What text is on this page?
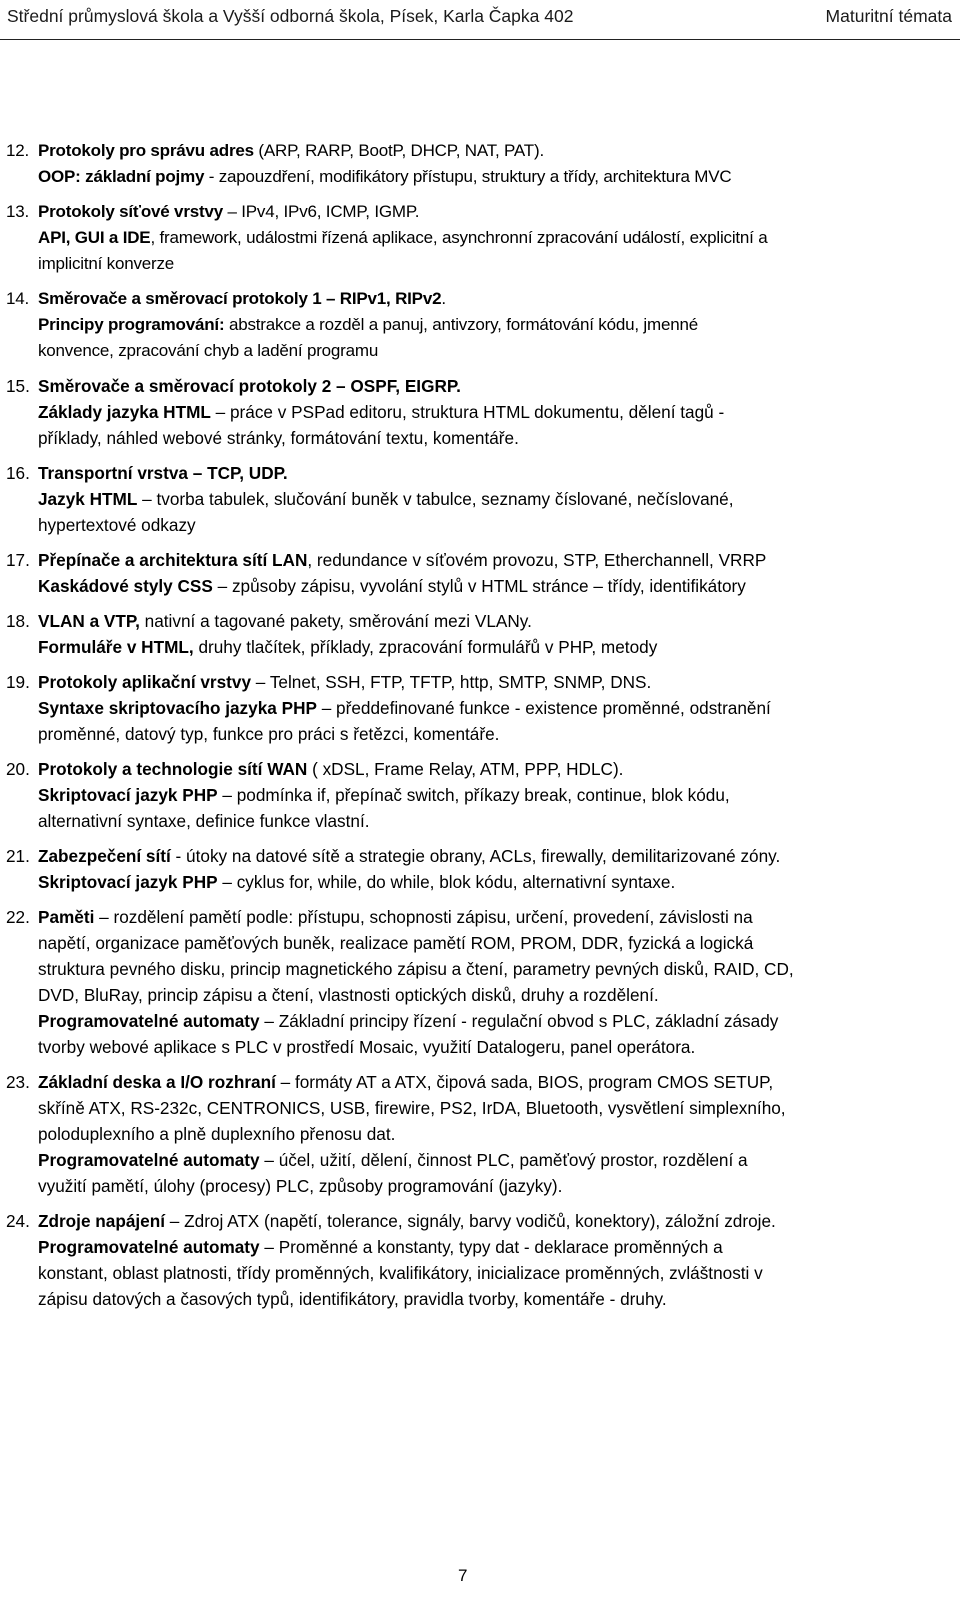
Střední průmyslová škola a Vyšší odborná škola, Písek, Karla Čapka 402	Maturitní témata
12. Protokoly pro správu adres (ARP, RARP, BootP, DHCP, NAT, PAT).
OOP: základní pojmy - zapouzdření, modifikátory přístupu, struktury a třídy, architektura MVC
13. Protokoly síťové vrstvy – IPv4, IPv6, ICMP, IGMP.
API, GUI a IDE, framework, událostmi řízená aplikace, asynchronní zpracování událostí, explicitní a
implicitní konverze
14. Směrovače a směrovací protokoly 1 – RIPv1, RIPv2.
Principy programování: abstrakce a rozděl a panuj, antivzory, formátování kódu, jmenné
konvence, zpracování chyb a ladění programu
15. Směrovače a směrovací protokoly 2 – OSPF, EIGRP.
Základy jazyka HTML – práce v PSPad editoru, struktura HTML dokumentu, dělení tagů -
příklady, náhled webové stránky, formátování textu, komentáře.
16. Transportní vrstva – TCP, UDP.
Jazyk HTML – tvorba tabulek, slučování buněk v tabulce, seznamy číslované, nečíslované,
hypertextové odkazy
17. Přepínače a architektura sítí LAN, redundance v síťovém provozu, STP, Etherchannell, VRRP
Kaskádové styly CSS – způsoby zápisu, vyvolání stylů v HTML stránce – třídy, identifikátory
18. VLAN a VTP, nativní a tagované pakety, směrování mezi VLANy.
Formuláře v HTML, druhy tlačítek, příklady, zpracování formulářů v PHP, metody
19. Protokoly aplikační vrstvy – Telnet, SSH, FTP, TFTP, http, SMTP, SNMP, DNS.
Syntaxe skriptovacího jazyka PHP – předdefinované funkce - existence proměnné, odstranění
proměnné, datový typ, funkce pro práci s řetězci, komentáře.
20. Protokoly a technologie sítí WAN ( xDSL, Frame Relay, ATM, PPP, HDLC).
Skriptovací jazyk PHP – podmínka if, přepínač switch, příkazy break, continue, blok kódu,
alternativní syntaxe, definice funkce vlastní.
21. Zabezpečení sítí - útoky na datové sítě a strategie obrany, ACLs, firewally, demilitarizované zóny.
Skriptovací jazyk PHP – cyklus for, while, do while, blok kódu, alternativní syntaxe.
22. Paměti – rozdělení pamětí podle: přístupu, schopnosti zápisu, určení, provedení, závislosti na
napětí, organizace paměťových buněk, realizace pamětí ROM, PROM, DDR, fyzická a logická
struktura pevného disku, princip magnetického zápisu a čtení, parametry pevných disků, RAID, CD,
DVD, BluRay, princip zápisu a čtení, vlastnosti optických disků, druhy a rozdělení.
Programovatelné automaty – Základní principy řízení - regulační obvod s PLC, základní zásady
tvorby webové aplikace s PLC v prostředí Mosaic, využití Datalogeru, panel operátora.
23. Základní deska a I/O rozhraní – formáty AT a ATX, čipová sada, BIOS, program CMOS SETUP,
skříně ATX, RS-232c, CENTRONICS, USB, firewire, PS2, IrDA, Bluetooth, vysvětlení simplexního,
poloduplexního a plně duplexního přenosu dat.
Programovatelné automaty – účel, užití, dělení, činnost PLC, paměťový prostor, rozdělení a
využití pamětí, úlohy (procesy) PLC, způsoby programování (jazyky).
24. Zdroje napájení – Zdroj ATX (napětí, tolerance, signály, barvy vodičů, konektory), záložní zdroje.
Programovatelné automaty – Proměnné a konstanty, typy dat - deklarace proměnných a
konstant, oblast platnosti, třídy proměnných, kvalifikátory, inicializace proměnných, zvláštnosti v
zápisu datových a časových typů, identifikátory, pravidla tvorby, komentáře - druhy.
7
